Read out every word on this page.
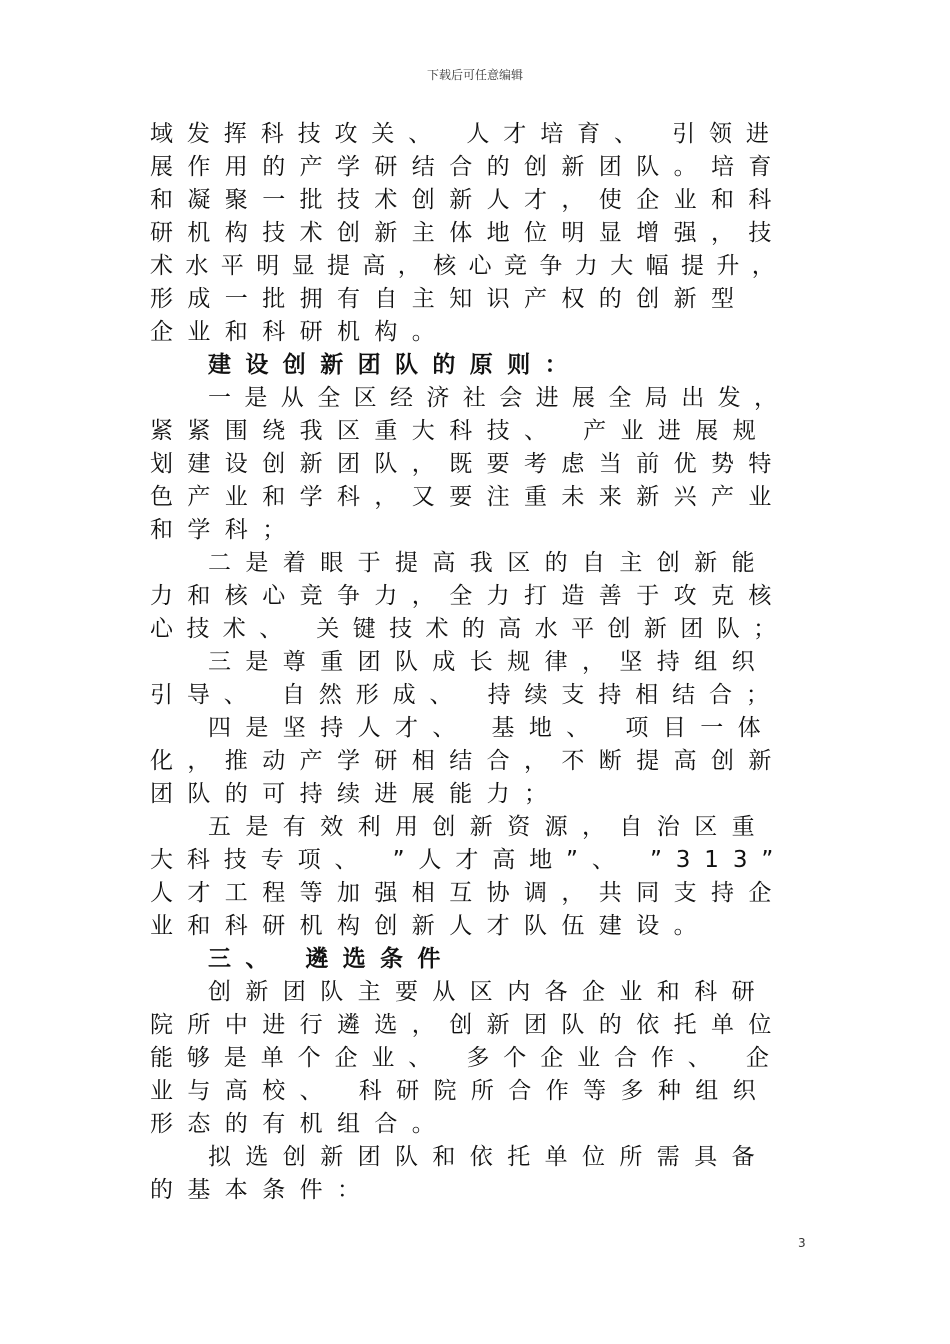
下载后可任意编辑
域发挥科技攻关、 人才培育、 引领进
展作用的产学研结合的创新团队。培育
和凝聚一批技术创新人才，使企业和科
研机构技术创新主体地位明显增强，技
术水平明显提高，核心竞争力大幅提升，
形成一批拥有自主知识产权的创新型
企业和科研机构。
建设创新团队的原则：
一是从全区经济社会进展全局出发，
紧紧围绕我区重大科技、 产业进展规
划建设创新团队，既要考虑当前优势特
色产业和学科，又要注重未来新兴产业
和学科；
二是着眼于提高我区的自主创新能
力和核心竞争力，全力打造善于攻克核
心技术、 关键技术的高水平创新团队；
三是尊重团队成长规律，坚持组织
引导、 自然形成、 持续支持相结合；
四是坚持人才、 基地、 项目一体
化，推动产学研相结合，不断提高创新
团队的可持续进展能力；
五是有效利用创新资源，自治区重
大科技专项、 ”人才高地”、 ”313”
人才工程等加强相互协调，共同支持企
业和科研机构创新人才队伍建设。
三、 遴选条件
创新团队主要从区内各企业和科研
院所中进行遴选，创新团队的依托单位
能够是单个企业、 多个企业合作、 企
业与高校、 科研院所合作等多种组织
形态的有机组合。
拟选创新团队和依托单位所需具备
的基本条件：
3
